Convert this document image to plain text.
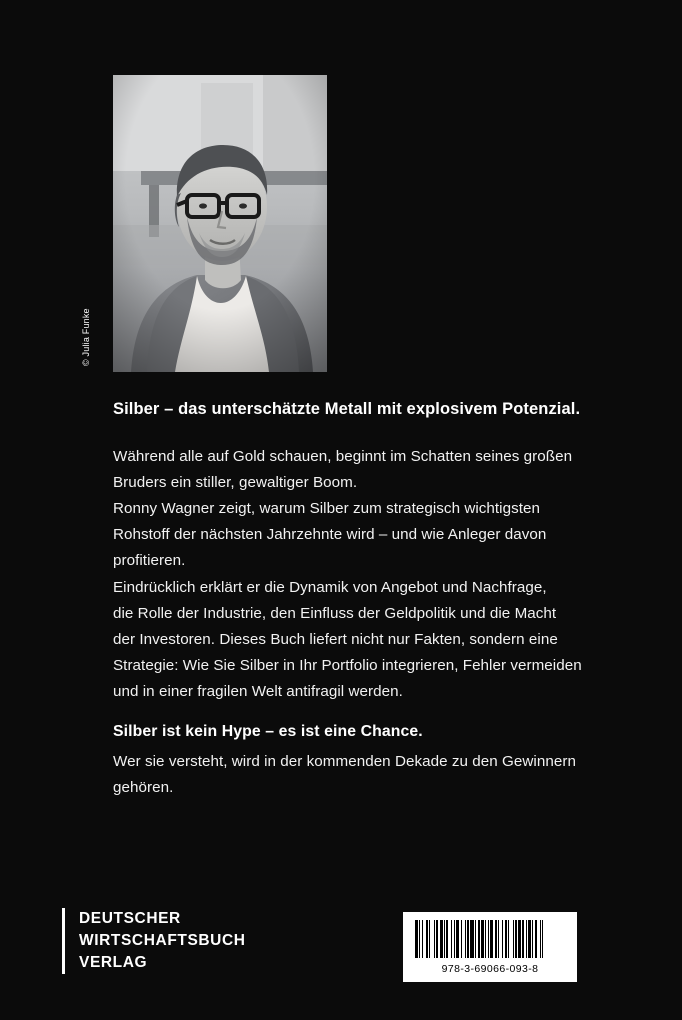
© Julia Funke

Silber – das unterschätzte Metall mit explosivem Potenzial.

Während alle auf Gold schauen, beginnt im Schatten seines großen

Bruders ein stiller, gewaltiger Boom.

Ronny Wagner zeigt, warum Silber zum strategisch wichtigsten

Rohstoff der nächsten Jahrzehnte wird – und wie Anleger davon

profitieren.

Eindrücklich erklärt er die Dynamik von Angebot und Nachfrage,

die Rolle der Industrie, den Einfluss der Geldpolitik und die Macht

der Investoren. Dieses Buch liefert nicht nur Fakten, sondern eine

Strategie: Wie Sie Silber in Ihr Portfolio integrieren, Fehler vermeiden

und in einer fragilen Welt antifragil werden.

Silber ist kein Hype – es ist eine Chance.

Wer sie versteht, wird in der kommenden Dekade zu den Gewinnern

gehören.

DEUTSCHER
WIRTSCHAFTSBUCH
VERLAG	978-3-69066-093-8
